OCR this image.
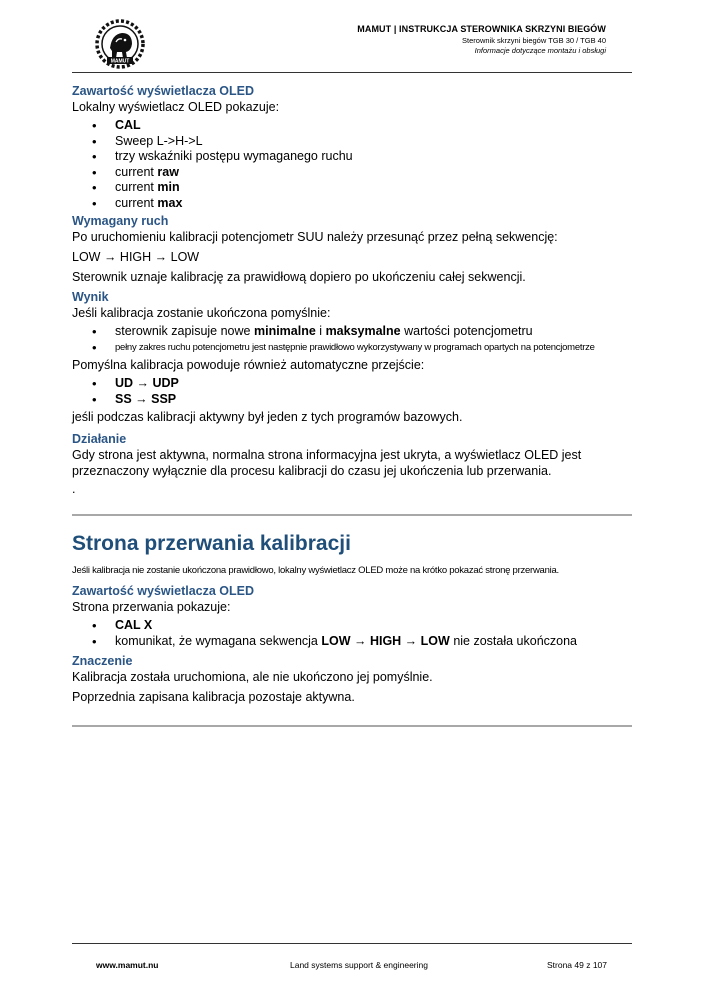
MAMUT
MAMUT | INSTRUKCJA STEROWNIKA SKRZYNI BIEGÓW
Sterownik skrzyni biegów TGB 30 / TGB 40
Informacje dotyczące montażu i obsługi
Zawartość wyświetlacza OLED

Lokalny wyświetlacz OLED pokazuje:

• CAL
• Sweep L->H->L
• trzy wskaźniki postępu wymaganego ruchu
• current raw
• current min
• current max
Wymagany ruch

Po uruchomieniu kalibracji potencjometr SUU należy przesunąć przez pełną sekwencję:

LOW → HIGH → LOW

Sterownik uznaje kalibrację za prawidłową dopiero po ukończeniu całej sekwencji.

Wynik

Jeśli kalibracja zostanie ukończona pomyślnie:

• sterownik zapisuje nowe minimalne i maksymalne wartości potencjometru
• pełny zakres ruchu potencjometru jest następnie prawidłowo wykorzystywany w programach opartych na potencjometrze

Pomyślna kalibracja powoduje również automatyczne przejście:

• UD → UDP
• SS → SSP

jeśli podczas kalibracji aktywny był jeden z tych programów bazowych.

Działanie

Gdy strona jest aktywna, normalna strona informacyjna jest ukryta, a wyświetlacz OLED jest przeznaczony wyłącznie dla procesu kalibracji do czasu jej ukończenia lub przerwania.

.

Strona przerwania kalibracji

Jeśli kalibracja nie zostanie ukończona prawidłowo, lokalny wyświetlacz OLED może na krótko pokazać stronę przerwania.

Zawartość wyświetlacza OLED

Strona przerwania pokazuje:

• CAL X
• komunikat, że wymagana sekwencja LOW → HIGH → LOW nie została ukończona
Znaczenie

Kalibracja została uruchomiona, ale nie ukończono jej pomyślnie.

Poprzednia zapisana kalibracja pozostaje aktywna.

www.mamut.nu	Land systems support & engineering	Strona 49 z 107
